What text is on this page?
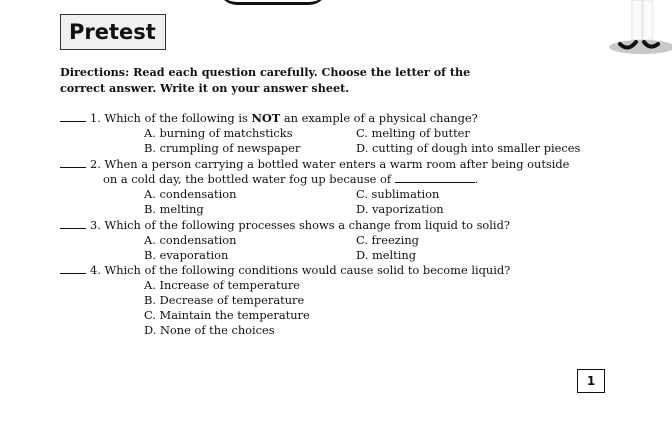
Pretest
Directions: Read each question carefully. Choose the letter of the
correct answer. Write it on your answer sheet.
1. Which of the following is NOT an example of a physical change?
A. burning of matchsticks
B. crumpling of newspaper
C. melting of butter
D. cutting of dough into smaller pieces
2. When a person carrying a bottled water enters a warm room after being outside
on a cold day, the bottled water fog up because of	.
A. condensation
B. melting
C. sublimation
D. vaporization
3. Which of the following processes shows a change from liquid to solid?
A. condensation
B. evaporation
C. freezing
D. melting
4. Which of the following conditions would cause solid to become liquid?
A. Increase of temperature
B. Decrease of temperature
C. Maintain the temperature
D. None of the choices
1
